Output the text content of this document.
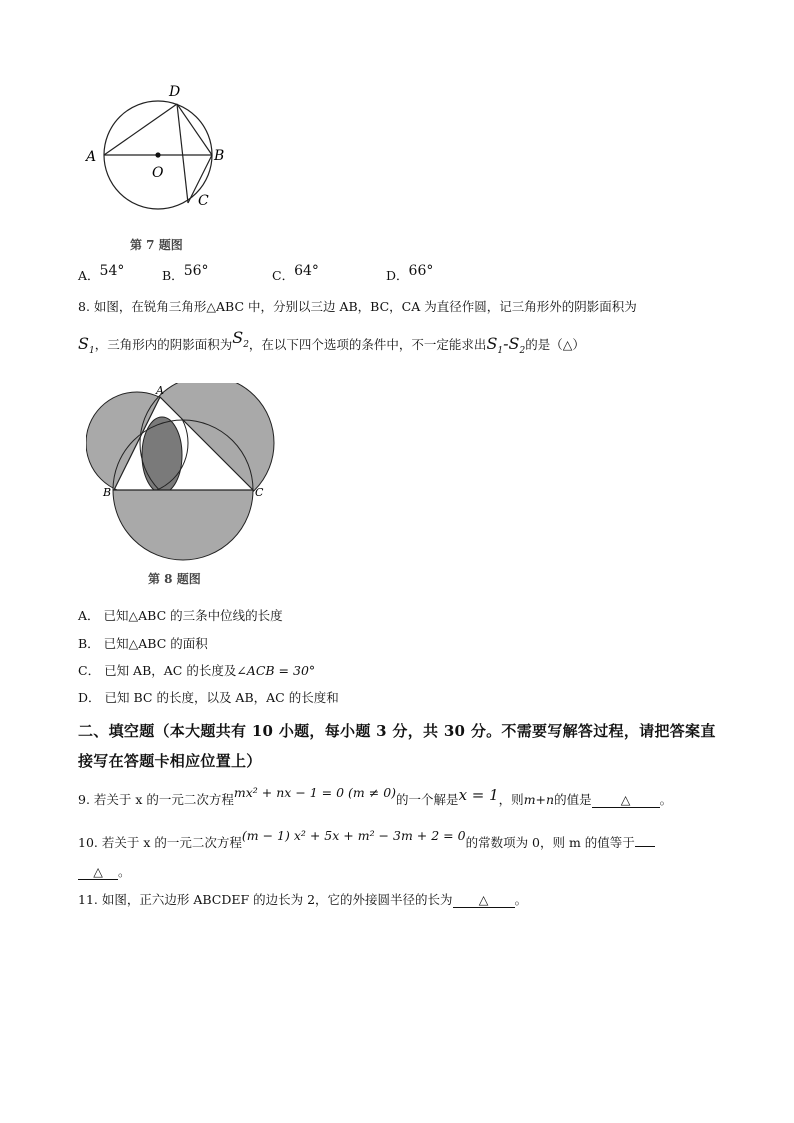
A	B
C
D
O
第 7 题图
A．54°	B．56°	C．64°	D．66°
8. 如图，在锐角三角形△ABC 中，分别以三边 AB，BC，CA 为直径作圆，记三角形外的阴影面积为
$S_1$，三角形内的阴影面积为$S_2$，在以下四个选项的条件中，不一定能求出$S_1-S_2$的是（△）
A
B	C
第 8 题图
A． 已知△ABC 的三条中位线的长度
B． 已知△ABC 的面积
C． 已知 AB，AC 的长度及∠ACB = 30°
D． 已知 BC 的长度，以及 AB，AC 的长度和
二、填空题（本大题共有 10 小题，每小题 3 分，共 30 分。不需要写解答过程，请把答案直
接写在答题卡相应位置上）
9. 若关于 x 的一元二次方程mx² + nx − 1 = 0 (m ≠ 0)的一个解是x = 1，则m+n的值是 △ 。
10. 若关于 x 的一元二次方程(m − 1) x² + 5x + m² − 3m + 2 = 0的常数项为 0，则 m 的值等于
△ 。
11. 如图，正六边形 ABCDEF 的边长为 2，它的外接圆半径的长为 △ 。
